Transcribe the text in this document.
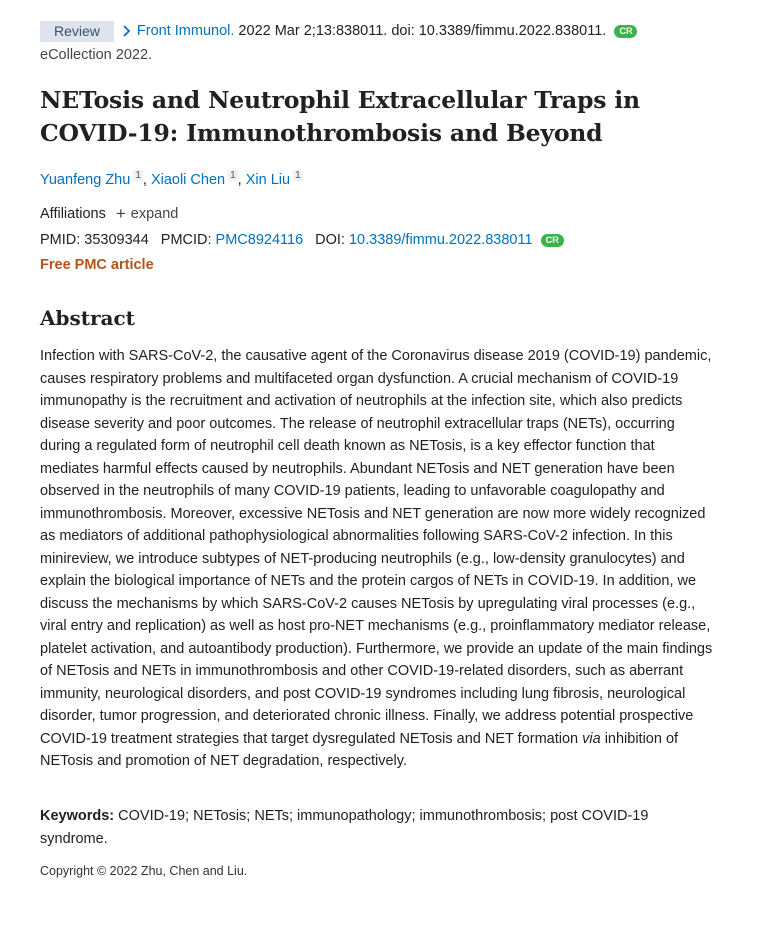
Review	Front Immunol. 2022 Mar 2;13:838011. doi: 10.3389/fimmu.2022.838011.	CR
eCollection 2022.
NETosis and Neutrophil Extracellular Traps in COVID-19: Immunothrombosis and Beyond
Yuanfeng Zhu $^1$ , Xiaoli Chen $^1$ , Xin Liu $^1$
Affiliations + expand
PMID: 35309344 PMCID: PMC8924116 DOI: 10.3389/fimmu.2022.838011	CR
Free PMC article
Abstract

Infection with SARS-CoV-2, the causative agent of the Coronavirus disease 2019 (COVID-19) pandemic, causes respiratory problems and multifaceted organ dysfunction. A crucial mechanism of COVID-19 immunopathy is the recruitment and activation of neutrophils at the infection site, which also predicts disease severity and poor outcomes. The release of neutrophil extracellular traps (NETs), occurring during a regulated form of neutrophil cell death known as NETosis, is a key effector function that mediates harmful effects caused by neutrophils. Abundant NETosis and NET generation have been observed in the neutrophils of many COVID-19 patients, leading to unfavorable coagulopathy and immunothrombosis. Moreover, excessive NETosis and NET generation are now more widely recognized as mediators of additional pathophysiological abnormalities following SARS-CoV-2 infection. In this minireview, we introduce subtypes of NET-producing neutrophils (e.g., low-density granulocytes) and explain the biological importance of NETs and the protein cargos of NETs in COVID-19. In addition, we discuss the mechanisms by which SARS-CoV-2 causes NETosis by upregulating viral processes (e.g., viral entry and replication) as well as host pro-NET mechanisms (e.g., proinflammatory mediator release, platelet activation, and autoantibody production). Furthermore, we provide an update of the main findings of NETosis and NETs in immunothrombosis and other COVID-19-related disorders, such as aberrant immunity, neurological disorders, and post COVID-19 syndromes including lung fibrosis, neurological disorder, tumor progression, and deteriorated chronic illness. Finally, we address potential prospective COVID-19 treatment strategies that target dysregulated NETosis and NET formation via inhibition of NETosis and promotion of NET degradation, respectively.

Keywords: COVID-19; NETosis; NETs; immunopathology; immunothrombosis; post COVID-19 syndrome.
Copyright © 2022 Zhu, Chen and Liu.
